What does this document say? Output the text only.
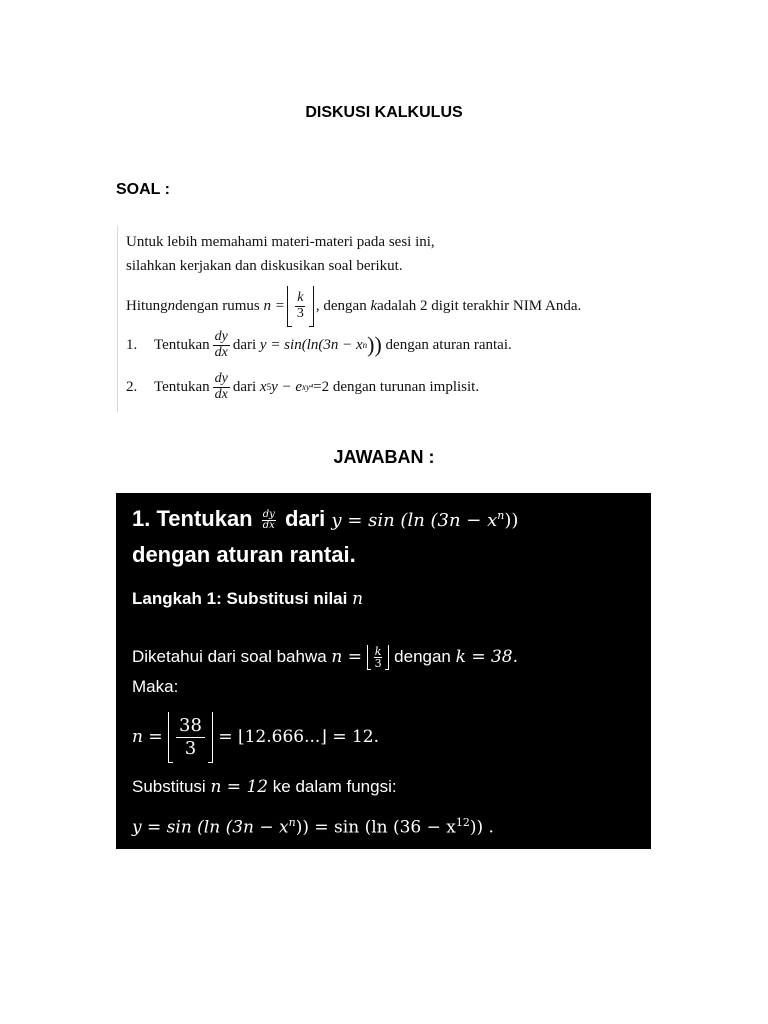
DISKUSI KALKULUS
SOAL :
Untuk lebih memahami materi-materi pada sesi ini,
silahkan kerjakan dan diskusikan soal berikut.
Hitung n dengan rumus
$n = \frac{k}{3}$ , dengan
k adalah 2 digit terakhir NIM Anda.
1.	Tentukan $\frac{dy}{dx}$ dari
y = sin(ln(3n − x n ))
dengan aturan rantai.
2.	Tentukan $\frac{dy}{dx}$ dari
x 5 y − e xy⁴ =2
dengan turunan implisit.
JAWABAN :
1. Tentukan $\frac{dy}{dx}$ dari y = sin (ln $(3n - x^n)$)
dengan aturan rantai.
Langkah 1: Substitusi nilai n
Diketahui dari soal bahwa $n = \frac{k}{3}$ dengan k = 38.
Maka:
n =
$\frac{38}{3}$
= ⌊12.666...⌋ = 12.
Substitusi n = 12 ke dalam fungsi:
y = sin (ln $(3n - x^n)) = \sin (\ln$ $(36 - x^{12})$) .
